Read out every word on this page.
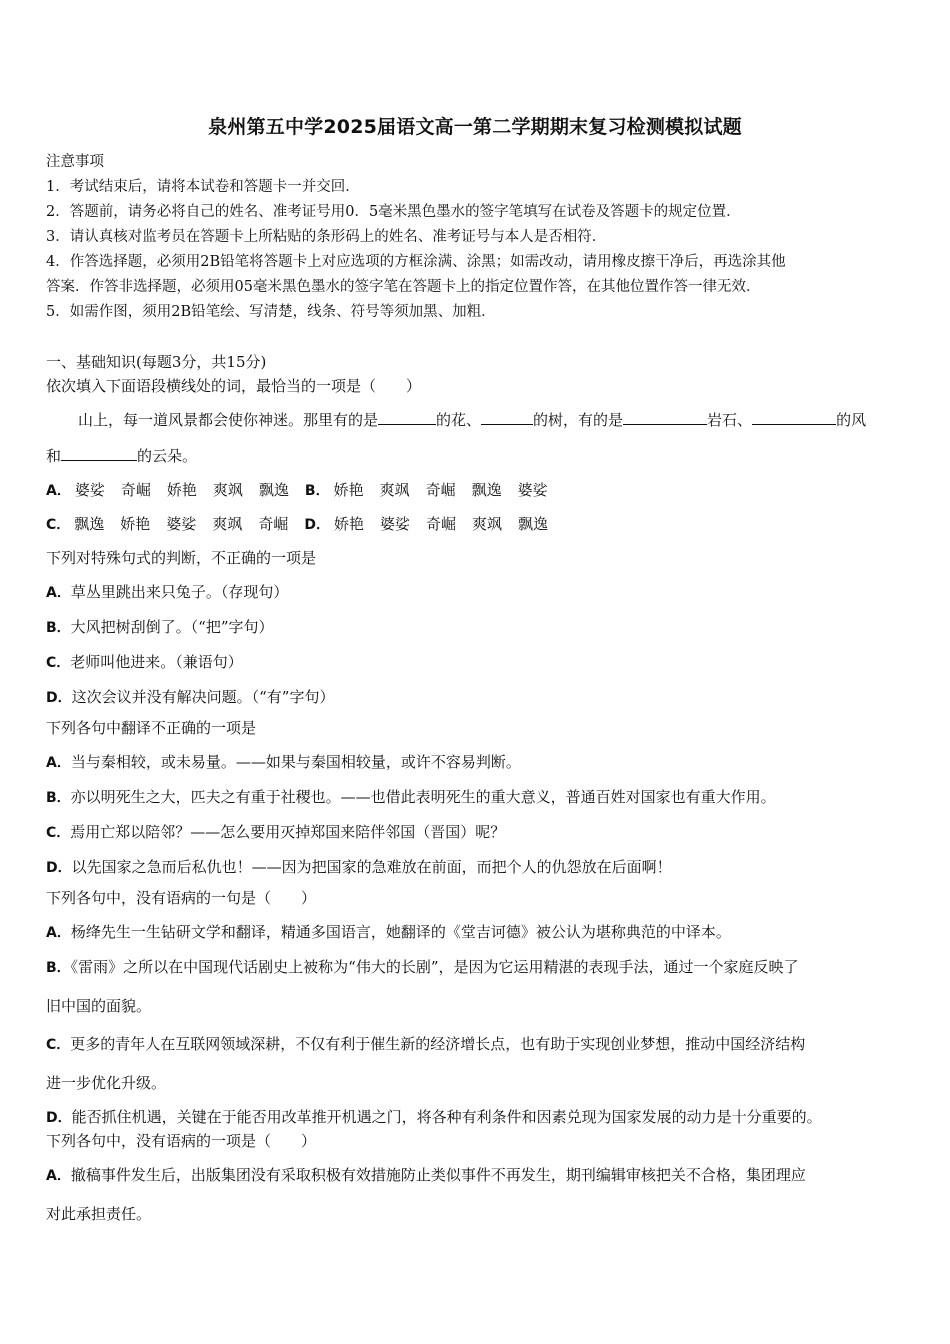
泉州第五中学2025届语文高一第二学期期末复习检测模拟试题
注意事项
1．考试结束后，请将本试卷和答题卡一并交回．
2．答题前，请务必将自己的姓名、准考证号用0．5毫米黑色墨水的签字笔填写在试卷及答题卡的规定位置．
3．请认真核对监考员在答题卡上所粘贴的条形码上的姓名、准考证号与本人是否相符．
4．作答选择题，必须用2B铅笔将答题卡上对应选项的方框涂满、涂黑；如需改动，请用橡皮擦干净后，再选涂其他
答案．作答非选择题，必须用05毫米黑色墨水的签字笔在答题卡上的指定位置作答，在其他位置作答一律无效．
5．如需作图，须用2B铅笔绘、写清楚，线条、符号等须加黑、加粗．
一、基础知识(每题3分，共15分)
依次填入下面语段横线处的词，最恰当的一项是（　　）
山上，每一道风景都会使你神迷。那里有的是	的花、	的树，有的是	岩石、	的风
和	的云朵。
A． 婆娑 奇崛 娇艳 爽飒 飘逸 B． 娇艳 爽飒 奇崛 飘逸 婆娑
C． 飘逸 娇艳 婆娑 爽飒 奇崛 D． 娇艳 婆娑 奇崛 爽飒 飘逸
下列对特殊句式的判断，不正确的一项是
A．草丛里跳出来只兔子。（存现句）
B．大风把树刮倒了。（“把”字句）
C．老师叫他进来。（兼语句）
D．这次会议并没有解决问题。（“有”字句）
下列各句中翻译不正确的一项是
A．当与秦相较，或未易量。——如果与秦国相较量，或许不容易判断。
B．亦以明死生之大，匹夫之有重于社稷也。——也借此表明死生的重大意义，普通百姓对国家也有重大作用。
C．焉用亡郑以陪邻？——怎么要用灭掉郑国来陪伴邻国（晋国）呢？
D．以先国家之急而后私仇也！——因为把国家的急难放在前面，而把个人的仇怨放在后面啊！
下列各句中，没有语病的一句是（　　）
A．杨绛先生一生钻研文学和翻译，精通多国语言，她翻译的《堂吉诃德》被公认为堪称典范的中译本。
B．《雷雨》之所以在中国现代话剧史上被称为“伟大的长剧”，是因为它运用精湛的表现手法，通过一个家庭反映了
旧中国的面貌。
C．更多的青年人在互联网领域深耕，不仅有利于催生新的经济增长点，也有助于实现创业梦想，推动中国经济结构
进一步优化升级。
D．能否抓住机遇，关键在于能否用改革推开机遇之门，将各种有利条件和因素兑现为国家发展的动力是十分重要的。
下列各句中，没有语病的一项是（　　）
A．撤稿事件发生后，出版集团没有采取积极有效措施防止类似事件不再发生，期刊编辑审核把关不合格，集团理应
对此承担责任。
